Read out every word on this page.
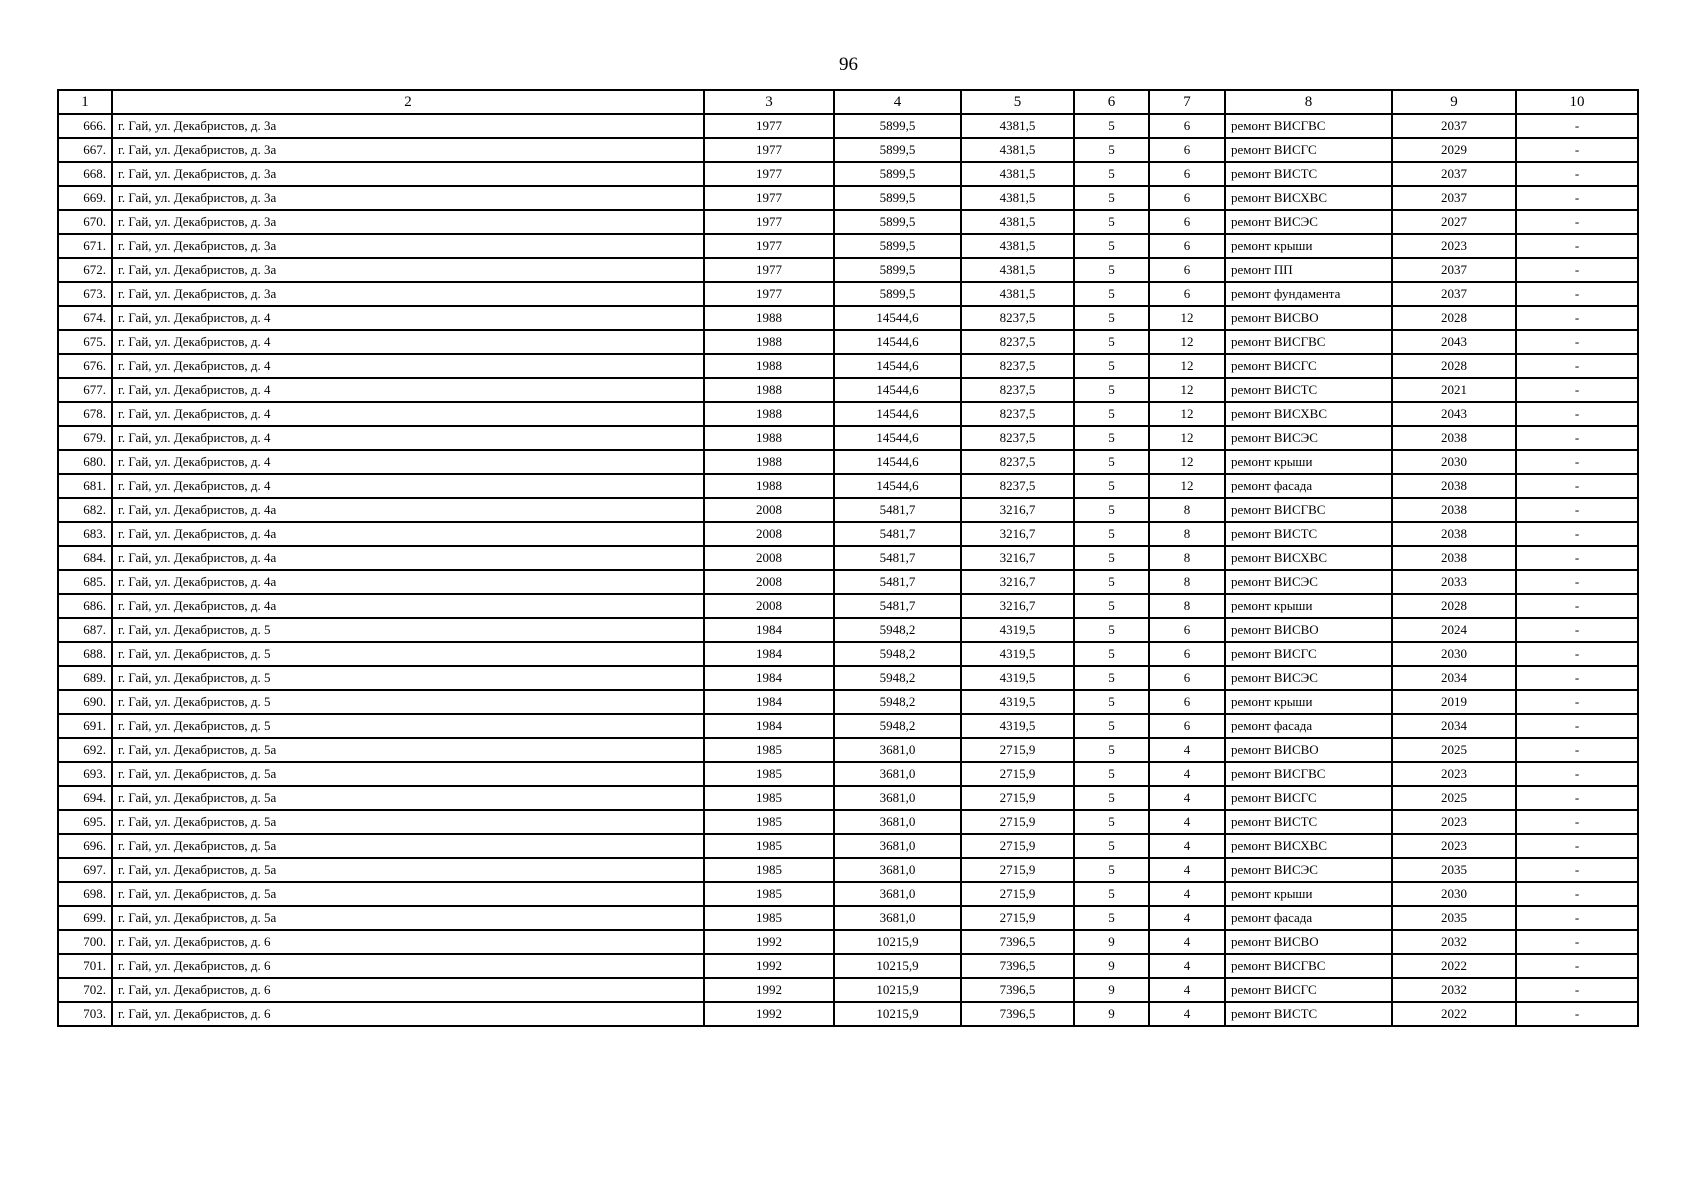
96
1	2	3	4	5	6	7	8	9	10
666.	г. Гай, ул. Декабристов, д. 3а	1977	5899,5	4381,5	5	6	ремонт ВИСГВС	2037	-
667.	г. Гай, ул. Декабристов, д. 3а	1977	5899,5	4381,5	5	6	ремонт ВИСГС	2029	-
668.	г. Гай, ул. Декабристов, д. 3а	1977	5899,5	4381,5	5	6	ремонт ВИСТС	2037	-
669.	г. Гай, ул. Декабристов, д. 3а	1977	5899,5	4381,5	5	6	ремонт ВИСХВС	2037	-
670.	г. Гай, ул. Декабристов, д. 3а	1977	5899,5	4381,5	5	6	ремонт ВИСЭС	2027	-
671.	г. Гай, ул. Декабристов, д. 3а	1977	5899,5	4381,5	5	6	ремонт крыши	2023	-
672.	г. Гай, ул. Декабристов, д. 3а	1977	5899,5	4381,5	5	6	ремонт ПП	2037	-
673.	г. Гай, ул. Декабристов, д. 3а	1977	5899,5	4381,5	5	6	ремонт фундамента	2037	-
674.	г. Гай, ул. Декабристов, д. 4	1988	14544,6	8237,5	5	12	ремонт ВИСВО	2028	-
675.	г. Гай, ул. Декабристов, д. 4	1988	14544,6	8237,5	5	12	ремонт ВИСГВС	2043	-
676.	г. Гай, ул. Декабристов, д. 4	1988	14544,6	8237,5	5	12	ремонт ВИСГС	2028	-
677.	г. Гай, ул. Декабристов, д. 4	1988	14544,6	8237,5	5	12	ремонт ВИСТС	2021	-
678.	г. Гай, ул. Декабристов, д. 4	1988	14544,6	8237,5	5	12	ремонт ВИСХВС	2043	-
679.	г. Гай, ул. Декабристов, д. 4	1988	14544,6	8237,5	5	12	ремонт ВИСЭС	2038	-
680.	г. Гай, ул. Декабристов, д. 4	1988	14544,6	8237,5	5	12	ремонт крыши	2030	-
681.	г. Гай, ул. Декабристов, д. 4	1988	14544,6	8237,5	5	12	ремонт фасада	2038	-
682.	г. Гай, ул. Декабристов, д. 4а	2008	5481,7	3216,7	5	8	ремонт ВИСГВС	2038	-
683.	г. Гай, ул. Декабристов, д. 4а	2008	5481,7	3216,7	5	8	ремонт ВИСТС	2038	-
684.	г. Гай, ул. Декабристов, д. 4а	2008	5481,7	3216,7	5	8	ремонт ВИСХВС	2038	-
685.	г. Гай, ул. Декабристов, д. 4а	2008	5481,7	3216,7	5	8	ремонт ВИСЭС	2033	-
686.	г. Гай, ул. Декабристов, д. 4а	2008	5481,7	3216,7	5	8	ремонт крыши	2028	-
687.	г. Гай, ул. Декабристов, д. 5	1984	5948,2	4319,5	5	6	ремонт ВИСВО	2024	-
688.	г. Гай, ул. Декабристов, д. 5	1984	5948,2	4319,5	5	6	ремонт ВИСГС	2030	-
689.	г. Гай, ул. Декабристов, д. 5	1984	5948,2	4319,5	5	6	ремонт ВИСЭС	2034	-
690.	г. Гай, ул. Декабристов, д. 5	1984	5948,2	4319,5	5	6	ремонт крыши	2019	-
691.	г. Гай, ул. Декабристов, д. 5	1984	5948,2	4319,5	5	6	ремонт фасада	2034	-
692.	г. Гай, ул. Декабристов, д. 5а	1985	3681,0	2715,9	5	4	ремонт ВИСВО	2025	-
693.	г. Гай, ул. Декабристов, д. 5а	1985	3681,0	2715,9	5	4	ремонт ВИСГВС	2023	-
694.	г. Гай, ул. Декабристов, д. 5а	1985	3681,0	2715,9	5	4	ремонт ВИСГС	2025	-
695.	г. Гай, ул. Декабристов, д. 5а	1985	3681,0	2715,9	5	4	ремонт ВИСТС	2023	-
696.	г. Гай, ул. Декабристов, д. 5а	1985	3681,0	2715,9	5	4	ремонт ВИСХВС	2023	-
697.	г. Гай, ул. Декабристов, д. 5а	1985	3681,0	2715,9	5	4	ремонт ВИСЭС	2035	-
698.	г. Гай, ул. Декабристов, д. 5а	1985	3681,0	2715,9	5	4	ремонт крыши	2030	-
699.	г. Гай, ул. Декабристов, д. 5а	1985	3681,0	2715,9	5	4	ремонт фасада	2035	-
700.	г. Гай, ул. Декабристов, д. 6	1992	10215,9	7396,5	9	4	ремонт ВИСВО	2032	-
701.	г. Гай, ул. Декабристов, д. 6	1992	10215,9	7396,5	9	4	ремонт ВИСГВС	2022	-
702.	г. Гай, ул. Декабристов, д. 6	1992	10215,9	7396,5	9	4	ремонт ВИСГС	2032	-
703.	г. Гай, ул. Декабристов, д. 6	1992	10215,9	7396,5	9	4	ремонт ВИСТС	2022	-
